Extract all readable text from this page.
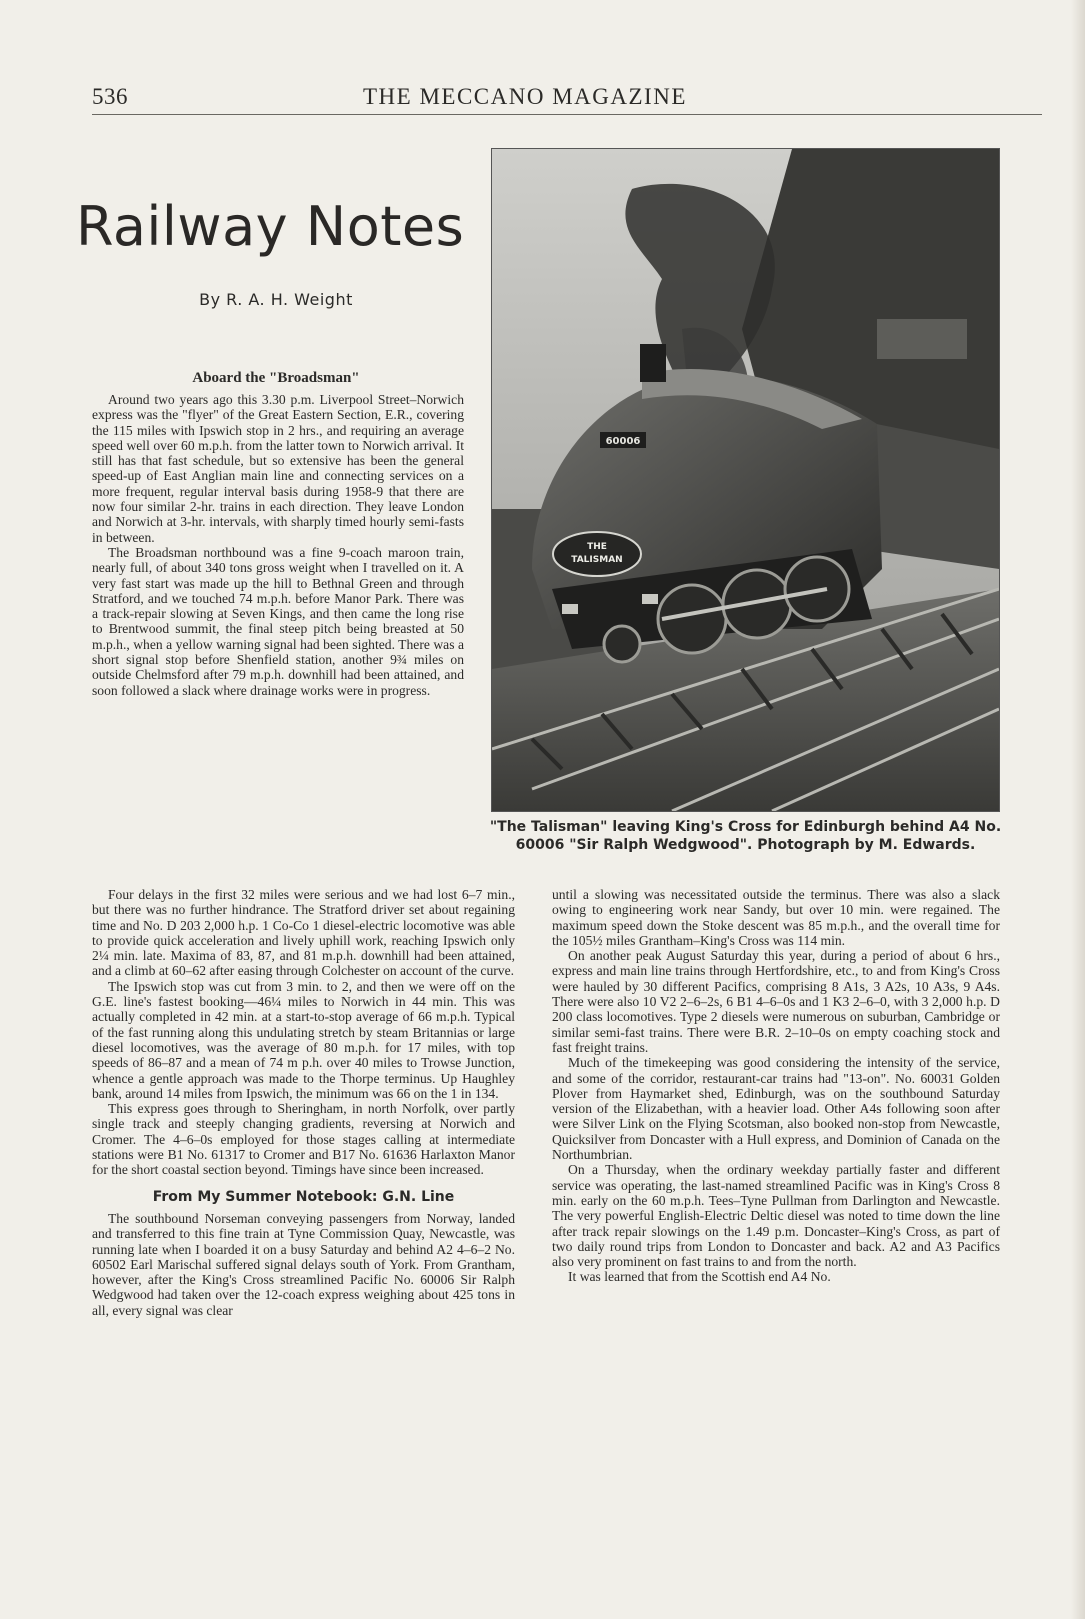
536	THE MECCANO MAGAZINE
Railway Notes
By R. A. H. Weight
Aboard the "Broadsman"

Around two years ago this 3.30 p.m. Liverpool Street–Norwich express was the "flyer" of the Great Eastern Section, E.R., covering the 115 miles with Ipswich stop in 2 hrs., and requiring an average speed well over 60 m.p.h. from the latter town to Norwich arrival. It still has that fast schedule, but so extensive has been the general speed-up of East Anglian main line and connecting services on a more frequent, regular interval basis during 1958-9 that there are now four similar 2-hr. trains in each direction. They leave London and Norwich at 3-hr. intervals, with sharply timed hourly semi-fasts in between.

The Broadsman northbound was a fine 9-coach maroon train, nearly full, of about 340 tons gross weight when I travelled on it. A very fast start was made up the hill to Bethnal Green and through Stratford, and we touched 74 m.p.h. before Manor Park. There was a track-repair slowing at Seven Kings, and then came the long rise to Brentwood summit, the final steep pitch being breasted at 50 m.p.h., when a yellow warning signal had been sighted. There was a short signal stop before Shenfield station, another 9¾ miles on outside Chelmsford after 79 m.p.h. downhill had been attained, and soon followed a slack where drainage works were in progress.

Four delays in the first 32 miles were serious and we had lost 6–7 min., but there was no further hindrance. The Stratford driver set about regaining time and No. D 203 2,000 h.p. 1 Co-Co 1 diesel-electric locomotive was able to provide quick acceleration and lively uphill work, reaching Ipswich only 2¼ min. late. Maxima of 83, 87, and 81 m.p.h. downhill had been attained, and a climb at 60–62 after easing through Colchester on account of the curve.

The Ipswich stop was cut from 3 min. to 2, and then we were off on the G.E. line's fastest booking—46¼ miles to Norwich in 44 min. This was actually completed in 42 min. at a start-to-stop average of 66 m.p.h. Typical of the fast running along this undulating stretch by steam Britannias or large diesel locomotives, was the average of 80 m.p.h. for 17 miles, with top speeds of 86–87 and a mean of 74 m p.h. over 40 miles to Trowse Junction, whence a gentle approach was made to the Thorpe terminus. Up Haughley bank, around 14 miles from Ipswich, the minimum was 66 on the 1 in 134.

This express goes through to Sheringham, in north Norfolk, over partly single track and steeply changing gradients, reversing at Norwich and Cromer. The 4–6–0s employed for those stages calling at intermediate stations were B1 No. 61317 to Cromer and B17 No. 61636 Harlaxton Manor for the short coastal section beyond. Timings have since been increased.

From My Summer Notebook: G.N. Line

The southbound Norseman conveying passengers from Norway, landed and transferred to this fine train at Tyne Commission Quay, Newcastle, was running late when I boarded it on a busy Saturday and behind A2 4–6–2 No. 60502 Earl Marischal suffered signal delays south of York. From Grantham, however, after the King's Cross streamlined Pacific No. 60006 Sir Ralph Wedgwood had taken over the 12-coach express weighing about 425 tons in all, every signal was clear

until a slowing was necessitated outside the terminus. There was also a slack owing to engineering work near Sandy, but over 10 min. were regained. The maximum speed down the Stoke descent was 85 m.p.h., and the overall time for the 105½ miles Grantham–King's Cross was 114 min.

On another peak August Saturday this year, during a period of about 6 hrs., express and main line trains through Hertfordshire, etc., to and from King's Cross were hauled by 30 different Pacifics, comprising 8 A1s, 3 A2s, 10 A3s, 9 A4s. There were also 10 V2 2–6–2s, 6 B1 4–6–0s and 1 K3 2–6–0, with 3 2,000 h.p. D 200 class locomotives. Type 2 diesels were numerous on suburban, Cambridge or similar semi-fast trains. There were B.R. 2–10–0s on empty coaching stock and fast freight trains.

Much of the timekeeping was good considering the intensity of the service, and some of the corridor, restaurant-car trains had "13-on". No. 60031 Golden Plover from Haymarket shed, Edinburgh, was on the southbound Saturday version of the Elizabethan, with a heavier load. Other A4s following soon after were Silver Link on the Flying Scotsman, also booked non-stop from Newcastle, Quicksilver from Doncaster with a Hull express, and Dominion of Canada on the Northumbrian.

On a Thursday, when the ordinary weekday partially faster and different service was operating, the last-named streamlined Pacific was in King's Cross 8 min. early on the 60 m.p.h. Tees–Tyne Pullman from Darlington and Newcastle. The very powerful English-Electric Deltic diesel was noted to time down the line after track repair slowings on the 1.49 p.m. Doncaster–King's Cross, as part of two daily round trips from London to Doncaster and back. A2 and A3 Pacifics also very prominent on fast trains to and from the north.

It was learned that from the Scottish end A4 No.

60006
THE
TALISMAN
"The Talisman" leaving King's Cross for Edinburgh behind A4 No. 60006 "Sir Ralph Wedgwood". Photograph by M. Edwards.
